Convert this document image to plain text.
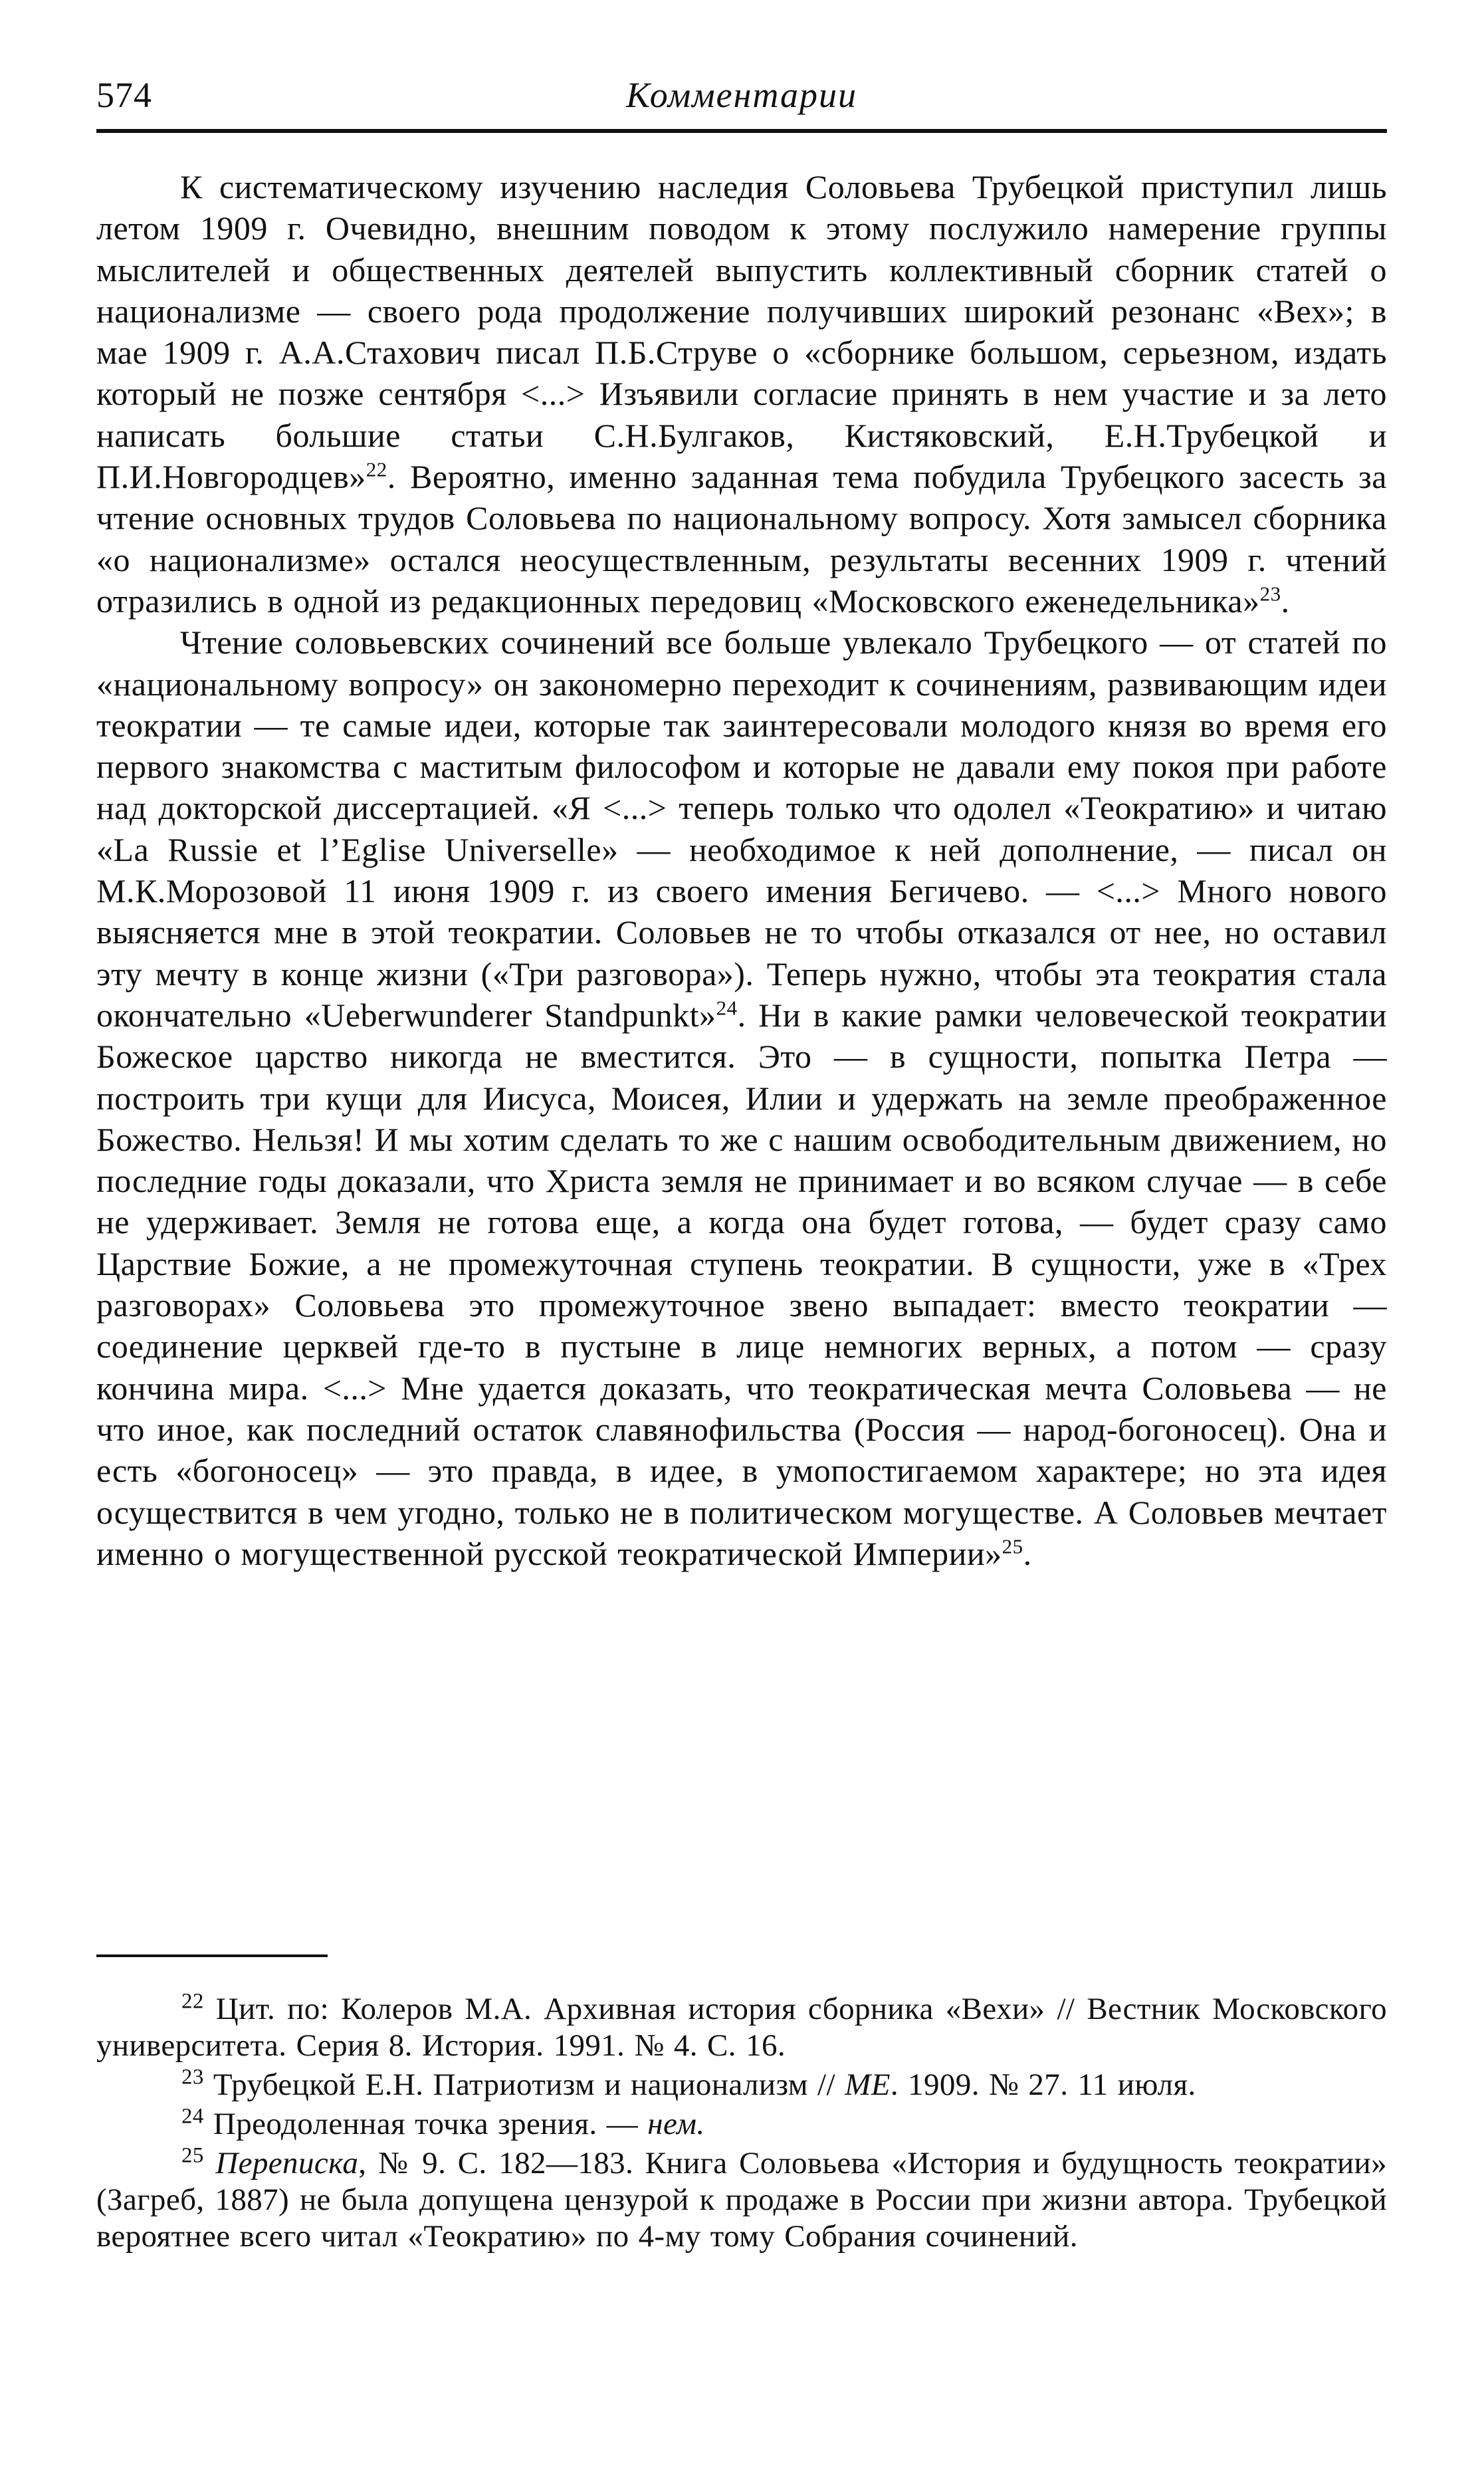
574	Комментарии

К систематическому изучению наследия Соловьева Трубецкой приступил лишь летом 1909 г. Очевидно, внешним поводом к этому послужило намерение группы мыслителей и общественных деятелей выпустить коллективный сборник статей о национализме — своего рода продолжение получивших широкий резонанс «Вех»; в мае 1909 г. А.А.Стахович писал П.Б.Струве о «сборнике большом, серьезном, издать который не позже сентября <...> Изъявили согласие принять в нем участие и за лето написать большие статьи С.Н.Булгаков, Кистяковский, Е.Н.Трубецкой и П.И.Новгородцев»$^{22}$. Вероятно, именно заданная тема побудила Трубецкого засесть за чтение основных трудов Соловьева по национальному вопросу. Хотя замысел сборника «о национализме» остался неосуществленным, результаты весенних 1909 г. чтений отразились в одной из редакционных передовиц «Московского еженедельника»$^{23}$.

Чтение соловьевских сочинений все больше увлекало Трубецкого — от статей по «национальному вопросу» он закономерно переходит к сочинениям, развивающим идеи теократии — те самые идеи, которые так заинтересовали молодого князя во время его первого знакомства с маститым философом и которые не давали ему покоя при работе над докторской диссертацией. «Я <...> теперь только что одолел «Теократию» и читаю «La Russie et l’Eglise Universelle» — необходимое к ней дополнение, — писал он М.К.Морозовой 11 июня 1909 г. из своего имения Бегичево. — <...> Много нового выясняется мне в этой теократии. Соловьев не то чтобы отказался от нее, но оставил эту мечту в конце жизни («Три разговора»). Теперь нужно, чтобы эта теократия стала окончательно «Ueberwunderer Standpunkt»$^{24}$. Ни в какие рамки человеческой теократии Божеское царство никогда не вместится. Это — в сущности, попытка Петра — построить три кущи для Иисуса, Моисея, Илии и удержать на земле преображенное Божество. Нельзя! И мы хотим сделать то же с нашим освободительным движением, но последние годы доказали, что Христа земля не принимает и во всяком случае — в себе не удерживает. Земля не готова еще, а когда она будет готова, — будет сразу само Царствие Божие, а не промежуточная ступень теократии. В сущности, уже в «Трех разговорах» Соловьева это промежуточное звено выпадает: вместо теократии — соединение церквей где-то в пустыне в лице немногих верных, а потом — сразу кончина мира. <...> Мне удается доказать, что теократическая мечта Соловьева — не что иное, как последний остаток славянофильства (Россия — народ-богоносец). Она и есть «богоносец» — это правда, в идее, в умопостигаемом характере; но эта идея осуществится в чем угодно, только не в политическом могуществе. А Соловьев мечтает именно о могущественной русской теократической Империи»$^{25}$.

$^{22}$ Цит. по: Колеров М.А. Архивная история сборника «Вехи» // Вестник Московского университета. Серия 8. История. 1991. № 4. С. 16.

$^{23}$ Трубецкой Е.Н. Патриотизм и национализм // МЕ. 1909. № 27. 11 июля.

$^{24}$ Преодоленная точка зрения. — нем.

$^{25}$ Переписка, № 9. С. 182—183. Книга Соловьева «История и будущность теократии» (Загреб, 1887) не была допущена цензурой к продаже в России при жизни автора. Трубецкой вероятнее всего читал «Теократию» по 4-му тому Собрания сочинений.
